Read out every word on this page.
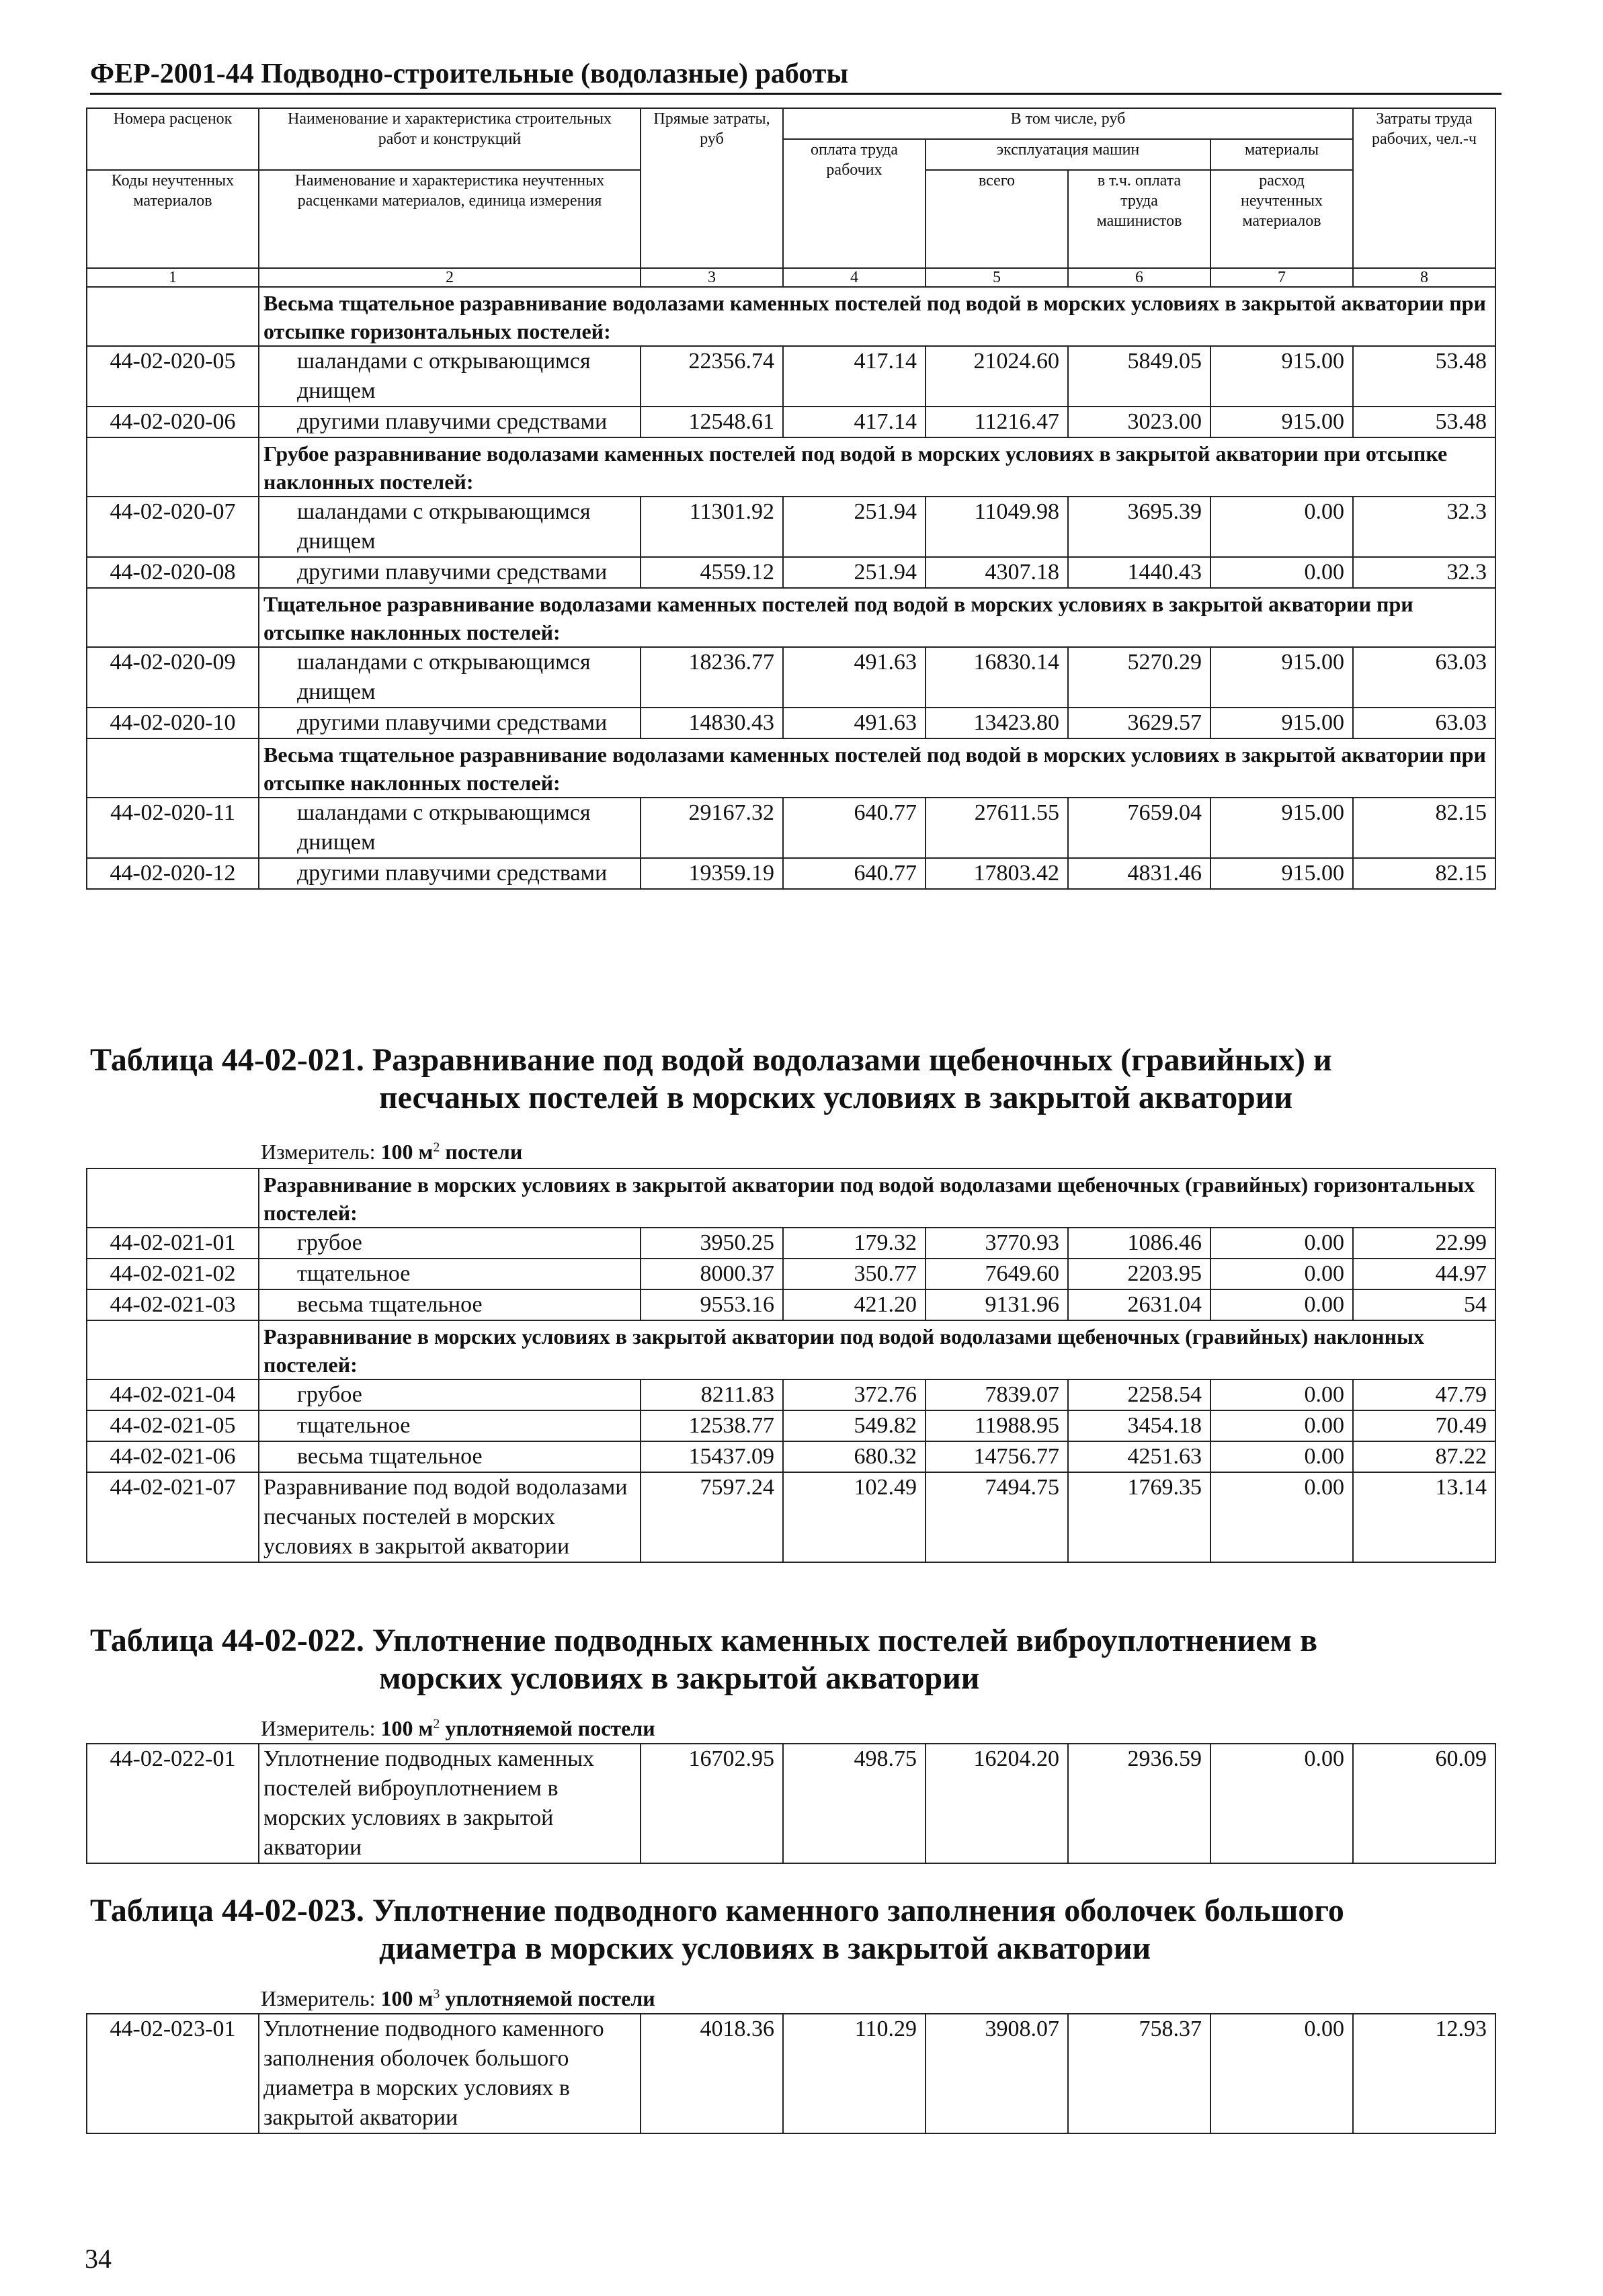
ФЕР-2001-44 Подводно-строительные (водолазные) работы
Номера расценок	Наименование и характеристика строительных работ и конструкций	Прямые затраты, руб	В том числе, руб				Затраты труда рабочих, чел.-ч
			оплата труда рабочих	эксплуатация машин		материалы	
Коды неучтенных материалов	Наименование и характеристика неучтенных расценками материалов, единица измерения			всего	в т.ч. оплата труда машинистов	расход неучтенных материалов	

1	2	3	4	5	6	7	8
	Весьма тщательное разравнивание водолазами каменных постелей под водой в морских условиях в закрытой акватории при отсыпке горизонтальных постелей:						
44-02-020-05	шаландами с открывающимся днищем	22356.74	417.14	21024.60	5849.05	915.00	53.48
44-02-020-06	другими плавучими средствами	12548.61	417.14	11216.47	3023.00	915.00	53.48
	Грубое разравнивание водолазами каменных постелей под водой в морских условиях в закрытой акватории при отсыпке наклонных постелей:						
44-02-020-07	шаландами с открывающимся днищем	11301.92	251.94	11049.98	3695.39	0.00	32.3
44-02-020-08	другими плавучими средствами	4559.12	251.94	4307.18	1440.43	0.00	32.3
	Тщательное разравнивание водолазами каменных постелей под водой в морских условиях в закрытой акватории при отсыпке наклонных постелей:						
44-02-020-09	шаландами с открывающимся днищем	18236.77	491.63	16830.14	5270.29	915.00	63.03
44-02-020-10	другими плавучими средствами	14830.43	491.63	13423.80	3629.57	915.00	63.03
	Весьма тщательное разравнивание водолазами каменных постелей под водой в морских условиях в закрытой акватории при отсыпке наклонных постелей:						
44-02-020-11	шаландами с открывающимся днищем	29167.32	640.77	27611.55	7659.04	915.00	82.15
44-02-020-12	другими плавучими средствами	19359.19	640.77	17803.42	4831.46	915.00	82.15
Таблица 44-02-021. Разравнивание под водой водолазами щебеночных (гравийных) и
песчаных постелей в морских условиях в закрытой акватории
Измеритель: 100 $м^2$ постели
	Разравнивание в морских условиях в закрытой акватории под водой водолазами щебеночных (гравийных) горизонтальных постелей:						
44-02-021-01	грубое	3950.25	179.32	3770.93	1086.46	0.00	22.99
44-02-021-02	тщательное	8000.37	350.77	7649.60	2203.95	0.00	44.97
44-02-021-03	весьма тщательное	9553.16	421.20	9131.96	2631.04	0.00	54
	Разравнивание в морских условиях в закрытой акватории под водой водолазами щебеночных (гравийных) наклонных постелей:						
44-02-021-04	грубое	8211.83	372.76	7839.07	2258.54	0.00	47.79
44-02-021-05	тщательное	12538.77	549.82	11988.95	3454.18	0.00	70.49
44-02-021-06	весьма тщательное	15437.09	680.32	14756.77	4251.63	0.00	87.22
44-02-021-07	Разравнивание под водой водолазами песчаных постелей в морских условиях в закрытой акватории	7597.24	102.49	7494.75	1769.35	0.00	13.14
Таблица 44-02-022. Уплотнение подводных каменных постелей виброуплотнением в
морских условиях в закрытой акватории
Измеритель: 100 $м^2$ уплотняемой постели
44-02-022-01	Уплотнение подводных каменных постелей виброуплотнением в морских условиях в закрытой акватории	16702.95	498.75	16204.20	2936.59	0.00	60.09
Таблица 44-02-023. Уплотнение подводного каменного заполнения оболочек большого
диаметра в морских условиях в закрытой акватории
Измеритель: 100 $м^3$ уплотняемой постели
44-02-023-01	Уплотнение подводного каменного заполнения оболочек большого диаметра в морских условиях в закрытой акватории	4018.36	110.29	3908.07	758.37	0.00	12.93
34
